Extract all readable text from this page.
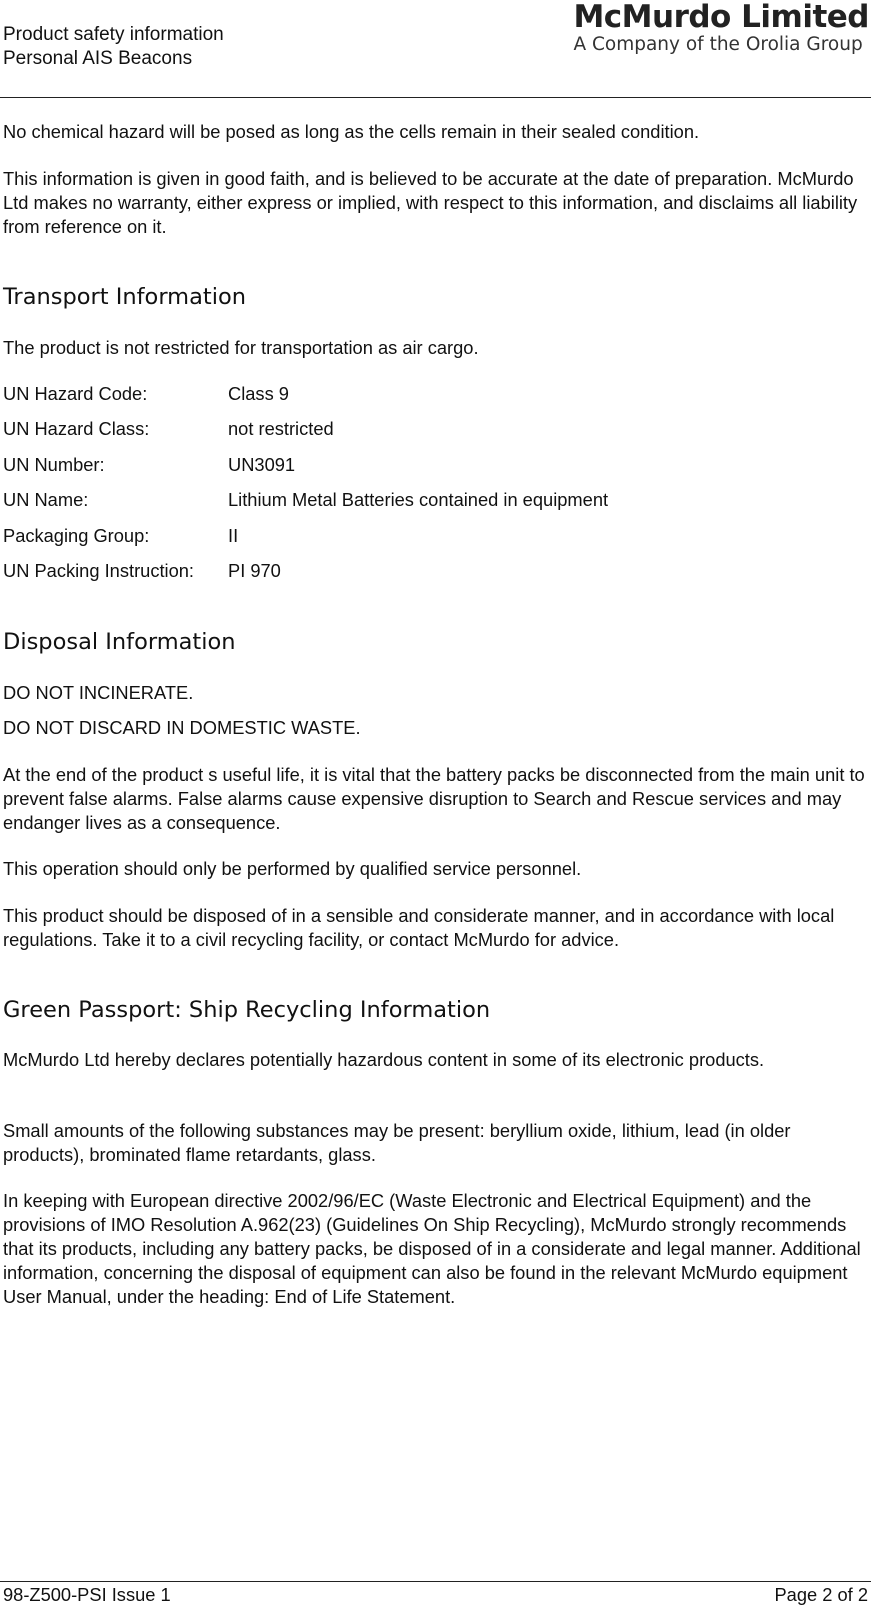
Product safety information
Personal AIS Beacons
McMurdo Limited
A Company of the Orolia Group

No chemical hazard will be posed as long as the cells remain in their sealed condition.

This information is given in good faith, and is believed to be accurate at the date of preparation. McMurdo Ltd makes no warranty, either express or implied, with respect to this information, and disclaims all liability from reference on it.

Transport Information

The product is not restricted for transportation as air cargo.

UN Hazard Code:	Class 9
UN Hazard Class:	not restricted
UN Number:	UN3091
UN Name:	Lithium Metal Batteries contained in equipment
Packaging Group:	II
UN Packing Instruction: PI 970
Disposal Information

DO NOT INCINERATE.

DO NOT DISCARD IN DOMESTIC WASTE.

At the end of the product s useful life, it is vital that the battery packs be disconnected from the main unit to prevent false alarms. False alarms cause expensive disruption to Search and Rescue services and may endanger lives as a consequence.

This operation should only be performed by qualified service personnel.

This product should be disposed of in a sensible and considerate manner, and in accordance with local regulations. Take it to a civil recycling facility, or contact McMurdo for advice.

Green Passport: Ship Recycling Information

McMurdo Ltd hereby declares potentially hazardous content in some of its electronic products.

Small amounts of the following substances may be present: beryllium oxide, lithium, lead (in older products), brominated flame retardants, glass.

In keeping with European directive 2002/96/EC (Waste Electronic and Electrical Equipment) and the provisions of IMO Resolution A.962(23) (Guidelines On Ship Recycling), McMurdo strongly recommends that its products, including any battery packs, be disposed of in a considerate and legal manner. Additional information, concerning the disposal of equipment can also be found in the relevant McMurdo equipment User Manual, under the heading: End of Life Statement.

98-Z500-PSI Issue 1	Page 2 of 2
